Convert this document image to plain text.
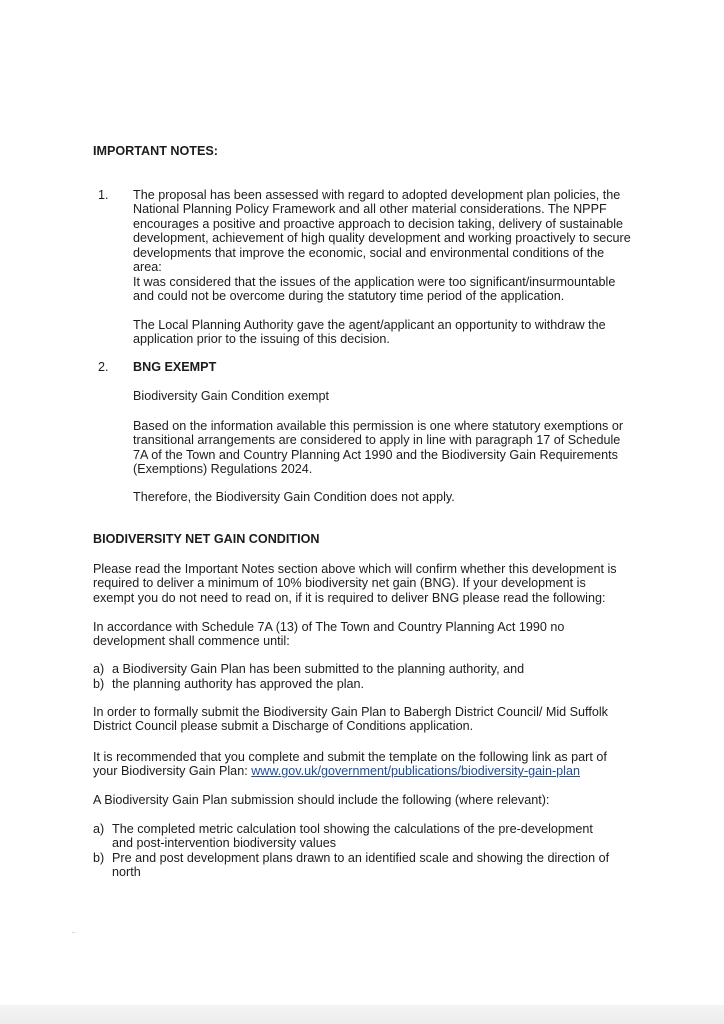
IMPORTANT NOTES:

1. The proposal has been assessed with regard to adopted development plan policies, the National Planning Policy Framework and all other material considerations. The NPPF encourages a positive and proactive approach to decision taking, delivery of sustainable development, achievement of high quality development and working proactively to secure developments that improve the economic, social and environmental conditions of the area:

It was considered that the issues of the application were too significant/insurmountable and could not be overcome during the statutory time period of the application.

The Local Planning Authority gave the agent/applicant an opportunity to withdraw the application prior to the issuing of this decision.

2. BNG EXEMPT

Biodiversity Gain Condition exempt

Based on the information available this permission is one where statutory exemptions or transitional arrangements are considered to apply in line with paragraph 17 of Schedule 7A of the Town and Country Planning Act 1990 and the Biodiversity Gain Requirements (Exemptions) Regulations 2024.

Therefore, the Biodiversity Gain Condition does not apply.

BIODIVERSITY NET GAIN CONDITION

Please read the Important Notes section above which will confirm whether this development is required to deliver a minimum of 10% biodiversity net gain (BNG). If your development is exempt you do not need to read on, if it is required to deliver BNG please read the following:

In accordance with Schedule 7A (13) of The Town and Country Planning Act 1990 no development shall commence until:

a) a Biodiversity Gain Plan has been submitted to the planning authority, and

b) the planning authority has approved the plan.

In order to formally submit the Biodiversity Gain Plan to Babergh District Council/ Mid Suffolk District Council please submit a Discharge of Conditions application.

It is recommended that you complete and submit the template on the following link as part of your Biodiversity Gain Plan: www.gov.uk/government/publications/biodiversity-gain-plan

A Biodiversity Gain Plan submission should include the following (where relevant):

a) The completed metric calculation tool showing the calculations of the pre-development and post-intervention biodiversity values

b) Pre and post development plans drawn to an identified scale and showing the direction of north
